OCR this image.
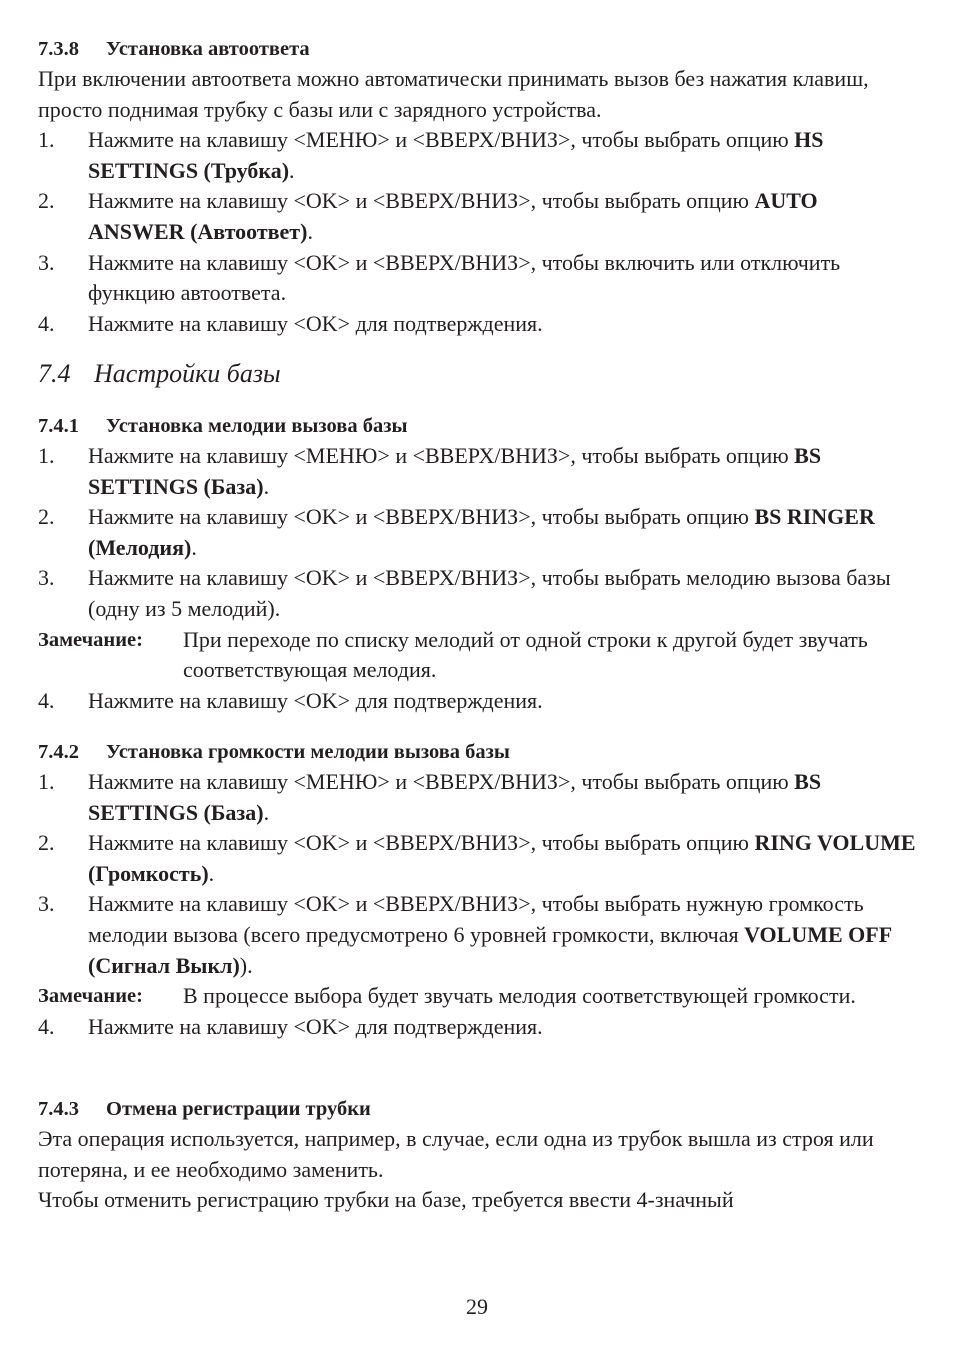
7.3.8 Установка автоответа
При включении автоответа можно автоматически принимать вызов без нажатия клавиш, просто поднимая трубку с базы или с зарядного устройства.
1. Нажмите на клавишу <МЕНЮ> и <ВВЕРХ/ВНИЗ>, чтобы выбрать опцию HS SETTINGS (Трубка).
2. Нажмите на клавишу <OK> и <ВВЕРХ/ВНИЗ>, чтобы выбрать опцию AUTO ANSWER (Автоответ).
3. Нажмите на клавишу <OK> и <ВВЕРХ/ВНИЗ>, чтобы включить или отключить функцию автоответа.
4. Нажмите на клавишу <OK> для подтверждения.
7.4 Настройки базы
7.4.1 Установка мелодии вызова базы
1. Нажмите на клавишу <МЕНЮ> и <ВВЕРХ/ВНИЗ>, чтобы выбрать опцию BS SETTINGS (База).
2. Нажмите на клавишу <OK> и <ВВЕРХ/ВНИЗ>, чтобы выбрать опцию BS RINGER (Мелодия).
3. Нажмите на клавишу <OK> и <ВВЕРХ/ВНИЗ>, чтобы выбрать мелодию вызова базы (одну из 5 мелодий).
Замечание: При переходе по списку мелодий от одной строки к другой будет звучать соответствующая мелодия.
4. Нажмите на клавишу <OK> для подтверждения.
7.4.2 Установка громкости мелодии вызова базы
1. Нажмите на клавишу <МЕНЮ> и <ВВЕРХ/ВНИЗ>, чтобы выбрать опцию BS SETTINGS (База).
2. Нажмите на клавишу <OK> и <ВВЕРХ/ВНИЗ>, чтобы выбрать опцию RING VOLUME (Громкость).
3. Нажмите на клавишу <OK> и <ВВЕРХ/ВНИЗ>, чтобы выбрать нужную громкость мелодии вызова (всего предусмотрено 6 уровней громкости, включая VOLUME OFF (Сигнал Выкл)).
Замечание: В процессе выбора будет звучать мелодия соответствующей громкости.
4. Нажмите на клавишу <OK> для подтверждения.
7.4.3 Отмена регистрации трубки
Эта операция используется, например, в случае, если одна из трубок вышла из строя или потеряна, и ее необходимо заменить.
Чтобы отменить регистрацию трубки на базе, требуется ввести 4-значный
29
